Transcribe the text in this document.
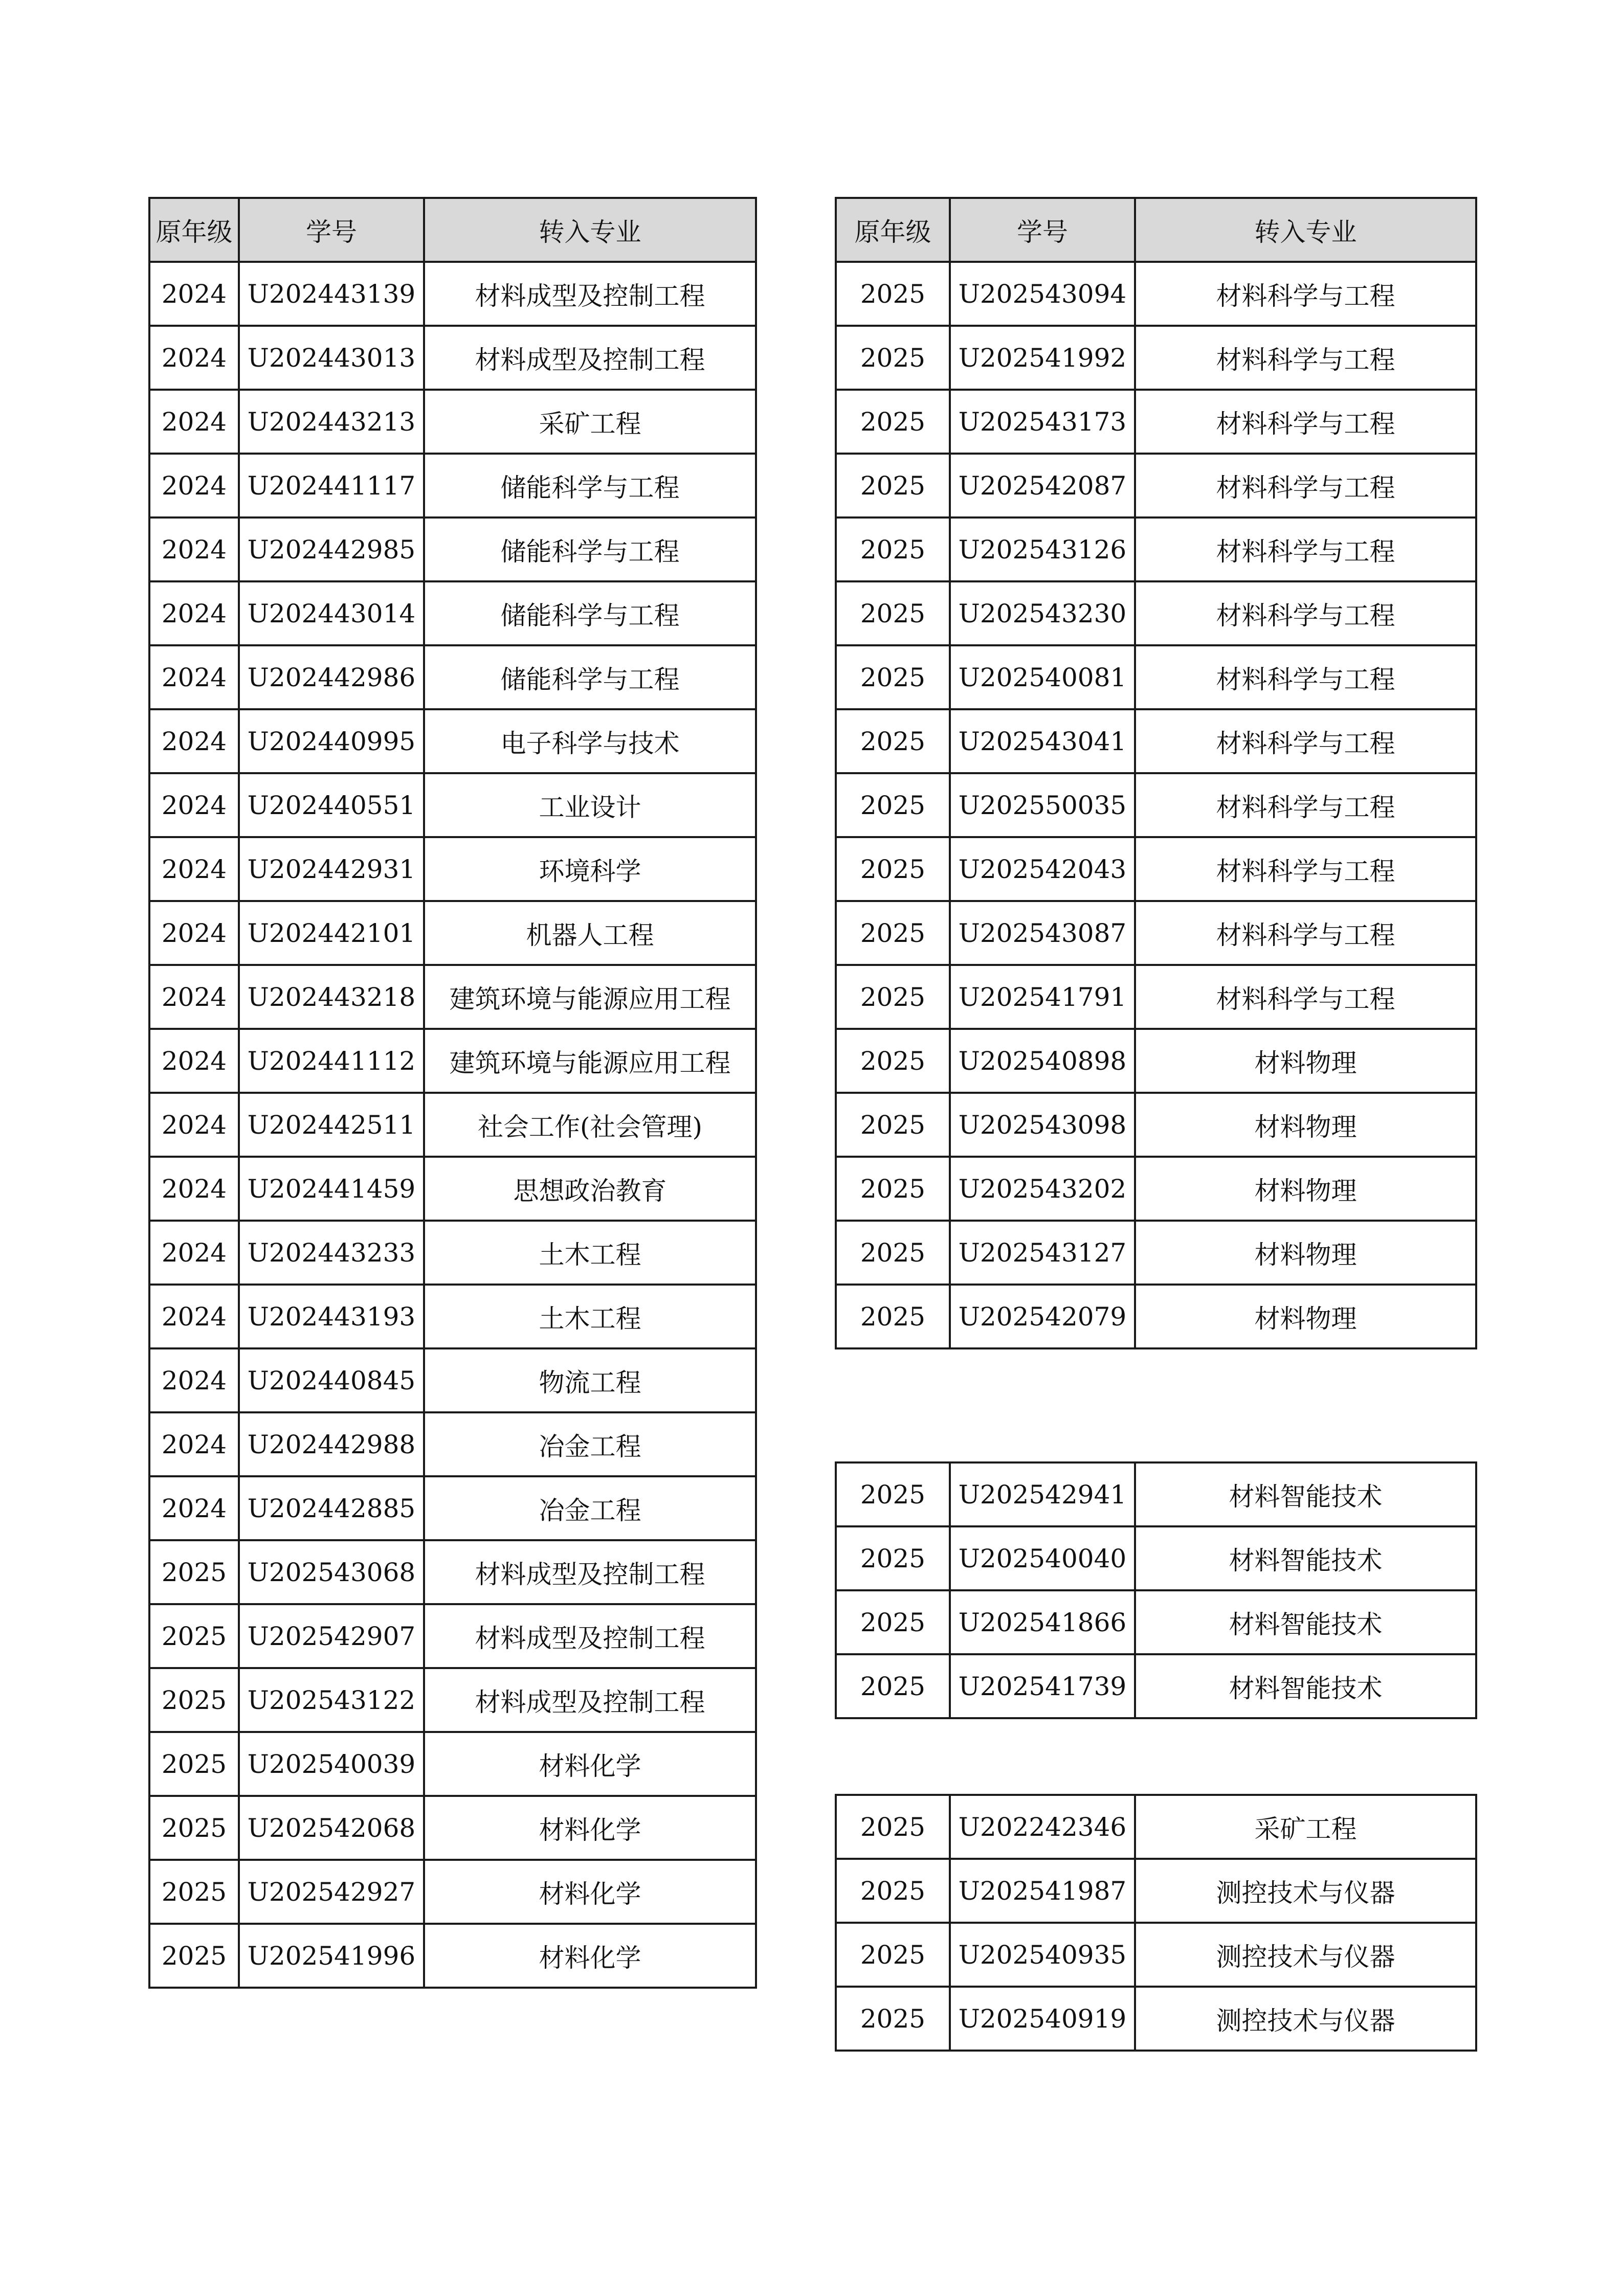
原年级	学号	转入专业
2024	U202443139	材料成型及控制工程
2024	U202443013	材料成型及控制工程
2024	U202443213	采矿工程
2024	U202441117	储能科学与工程
2024	U202442985	储能科学与工程
2024	U202443014	储能科学与工程
2024	U202442986	储能科学与工程
2024	U202440995	电子科学与技术
2024	U202440551	工业设计
2024	U202442931	环境科学
2024	U202442101	机器人工程
2024	U202443218	建筑环境与能源应用工程
2024	U202441112	建筑环境与能源应用工程
2024	U202442511	社会工作(社会管理)
2024	U202441459	思想政治教育
2024	U202443233	土木工程
2024	U202443193	土木工程
2024	U202440845	物流工程
2024	U202442988	冶金工程
2024	U202442885	冶金工程
2025	U202543068	材料成型及控制工程
2025	U202542907	材料成型及控制工程
2025	U202543122	材料成型及控制工程
2025	U202540039	材料化学
2025	U202542068	材料化学
2025	U202542927	材料化学
2025	U202541996	材料化学
原年级	学号	转入专业
2025	U202543094	材料科学与工程
2025	U202541992	材料科学与工程
2025	U202543173	材料科学与工程
2025	U202542087	材料科学与工程
2025	U202543126	材料科学与工程
2025	U202543230	材料科学与工程
2025	U202540081	材料科学与工程
2025	U202543041	材料科学与工程
2025	U202550035	材料科学与工程
2025	U202542043	材料科学与工程
2025	U202543087	材料科学与工程
2025	U202541791	材料科学与工程
2025	U202540898	材料物理
2025	U202543098	材料物理
2025	U202543202	材料物理
2025	U202543127	材料物理
2025	U202542079	材料物理
2025	U202542941	材料智能技术
2025	U202540040	材料智能技术
2025	U202541866	材料智能技术
2025	U202541739	材料智能技术
2025	U202242346	采矿工程
2025	U202541987	测控技术与仪器
2025	U202540935	测控技术与仪器
2025	U202540919	测控技术与仪器
